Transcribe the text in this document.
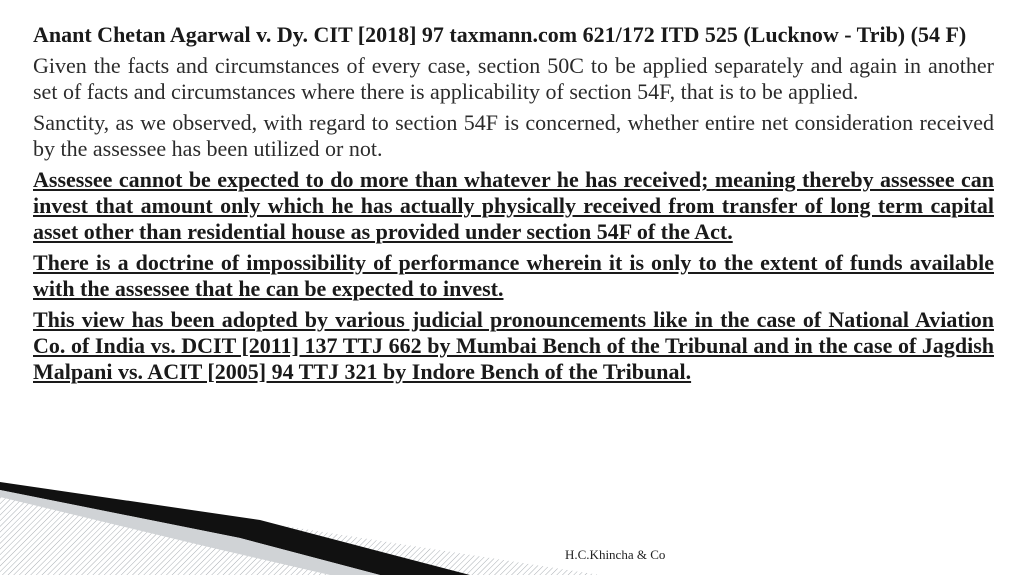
Anant Chetan Agarwal v. Dy. CIT [2018] 97 taxmann.com 621/172 ITD 525 (Lucknow - Trib) (54 F)

Given the facts and circumstances of every case, section 50C to be applied separately and again in another set of facts and circumstances where there is applicability of section 54F, that is to be applied.

Sanctity, as we observed, with regard to section 54F is concerned, whether entire net consideration received by the assessee has been utilized or not.

Assessee cannot be expected to do more than whatever he has received; meaning thereby assessee can invest that amount only which he has actually physically received from transfer of long term capital asset other than residential house as provided under section 54F of the Act.

There is a doctrine of impossibility of performance wherein it is only to the extent of funds available with the assessee that he can be expected to invest.

This view has been adopted by various judicial pronouncements like in the case of National Aviation Co. of India vs. DCIT [2011] 137 TTJ 662 by Mumbai Bench of the Tribunal and in the case of Jagdish Malpani vs. ACIT [2005] 94 TTJ 321 by Indore Bench of the Tribunal.

H.C.Khincha & Co
